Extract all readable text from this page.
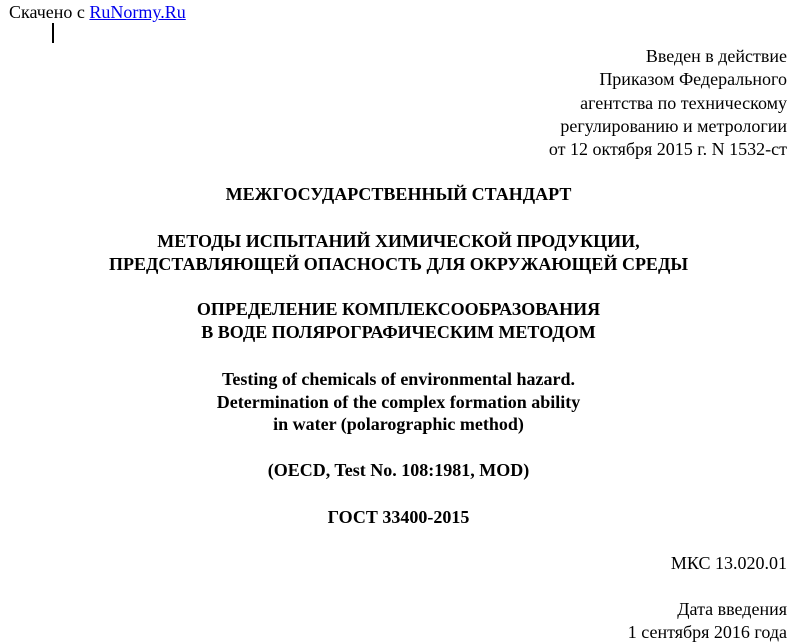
Скачено с RuNormy.Ru
Введен в действие
Приказом Федерального
агентства по техническому
регулированию и метрологии
от 12 октября 2015 г. N 1532-ст
МЕЖГОСУДАРСТВЕННЫЙ СТАНДАРТ
МЕТОДЫ ИСПЫТАНИЙ ХИМИЧЕСКОЙ ПРОДУКЦИИ,
ПРЕДСТАВЛЯЮЩЕЙ ОПАСНОСТЬ ДЛЯ ОКРУЖАЮЩЕЙ СРЕДЫ
ОПРЕДЕЛЕНИЕ КОМПЛЕКСООБРАЗОВАНИЯ
В ВОДЕ ПОЛЯРОГРАФИЧЕСКИМ МЕТОДОМ
Testing of chemicals of environmental hazard.
Determination of the complex formation ability
in water (polarographic method)
(OECD, Test No. 108:1981, MOD)
ГОСТ 33400-2015
МКС 13.020.01
Дата введения
1 сентября 2016 года
